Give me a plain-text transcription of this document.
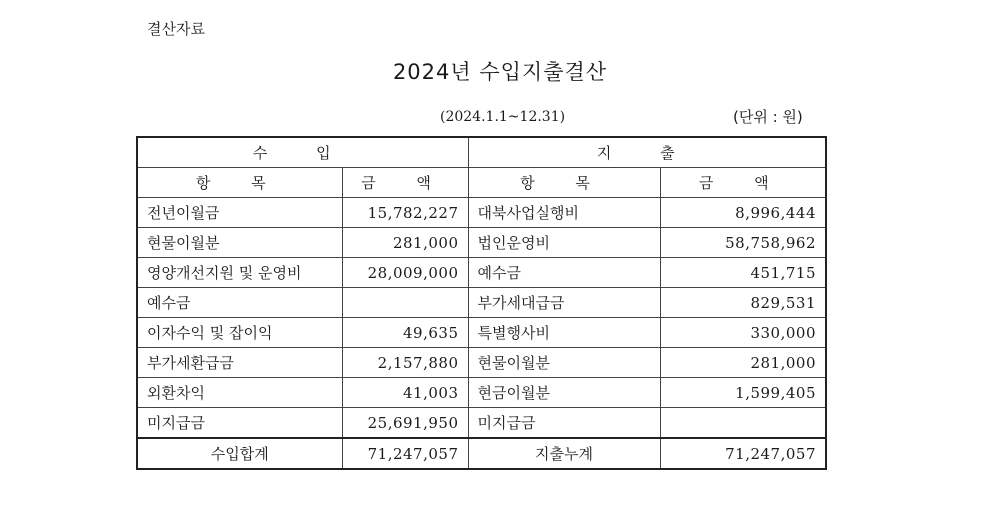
결산자료
2024년 수입지출결산
(2024.1.1~12.31)	(단위 : 원)
수 입		지 출	
항 목	금 액	항 목	금 액
전년이월금	15,782,227	대북사업실행비	8,996,444
현물이월분	281,000	법인운영비	58,758,962
영양개선지원 및 운영비	28,009,000	예수금	451,715
예수금		부가세대급금	829,531
이자수익 및 잡이익	49,635	특별행사비	330,000
부가세환급금	2,157,880	현물이월분	281,000
외환차익	41,003	현금이월분	1,599,405
미지급금	25,691,950	미지급금	
수입합계	71,247,057	지출누계	71,247,057
